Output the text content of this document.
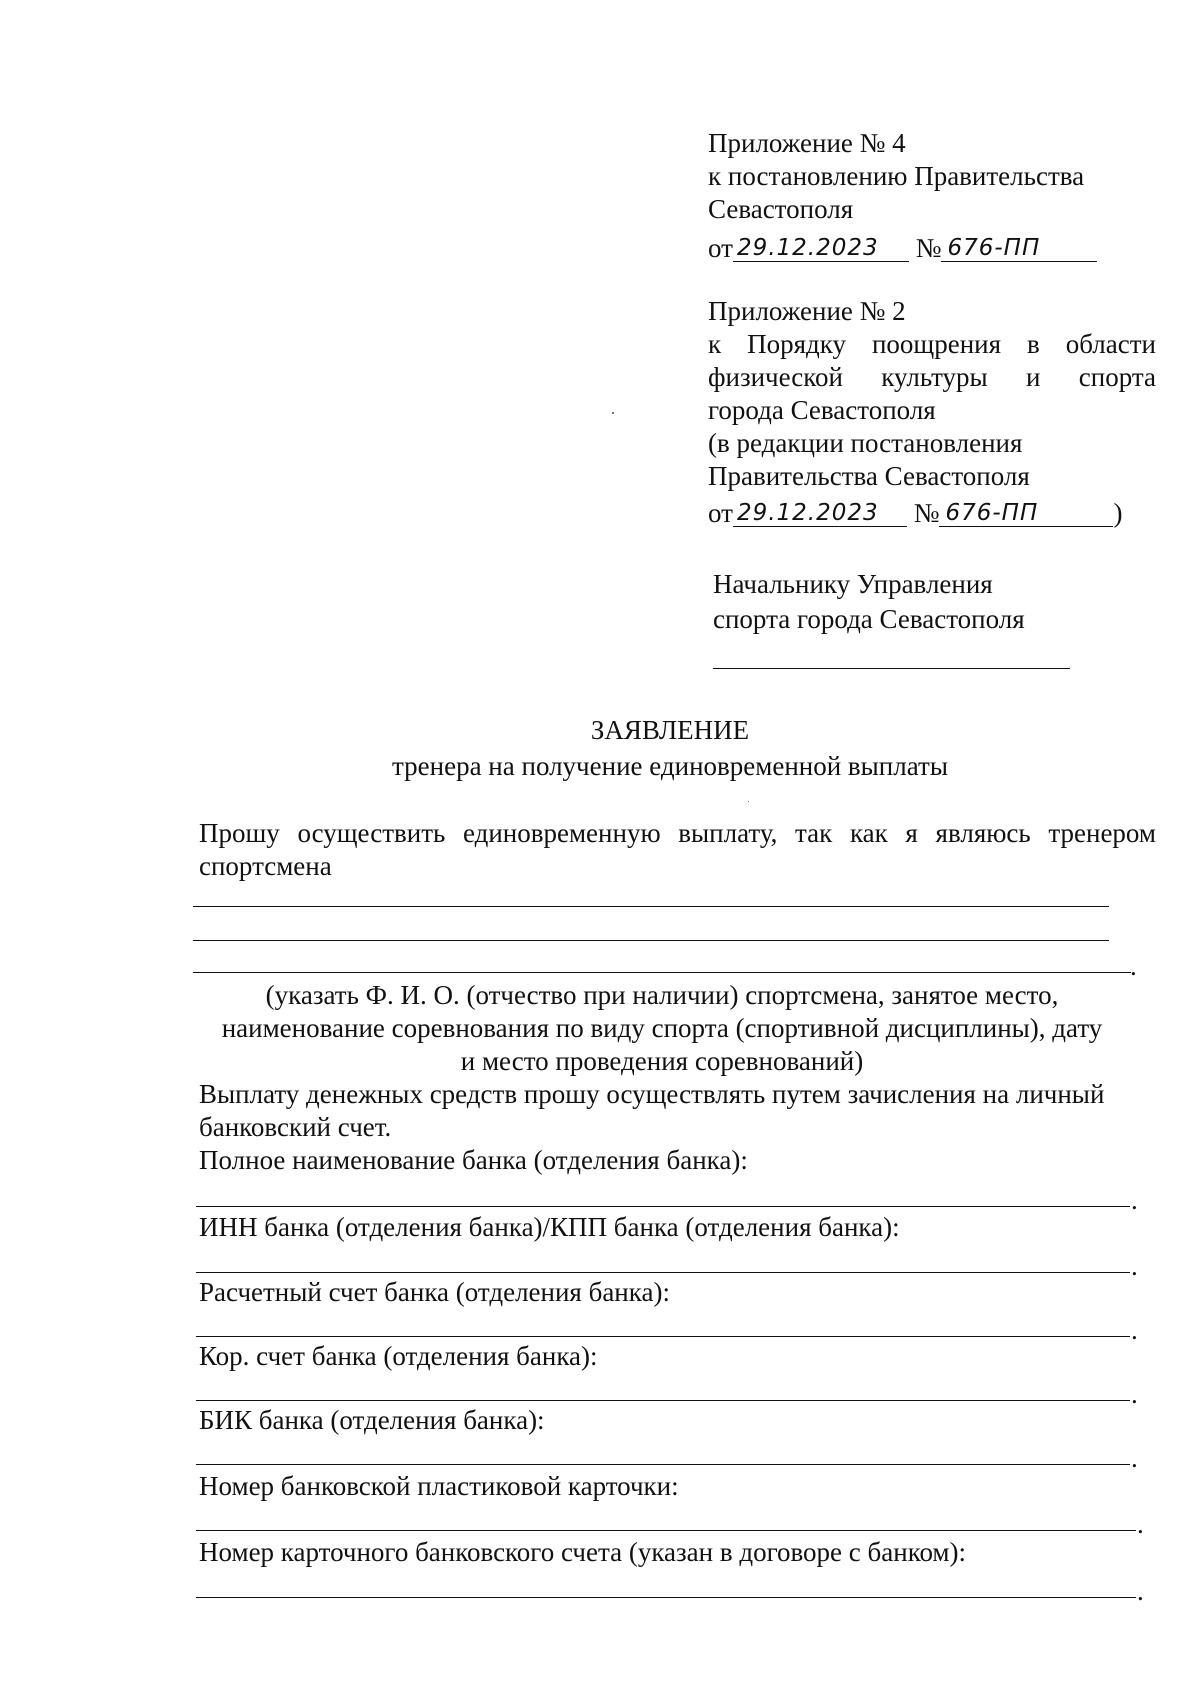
Приложение № 4
к постановлению Правительства
Севастополя
от 29.12.2023 № 676-ПП
Приложение № 2
к Порядку поощрения в области
физической культуры и спорта
города Севастополя
(в редакции постановления
Правительства Севастополя
от 29.12.2023 № 676-ПП	)
Начальнику Управления
спорта города Севастополя
ЗАЯВЛЕНИЕ
тренера на получение единовременной выплаты
Прошу осуществить единовременную выплату, так как я являюсь тренером
спортсмена
.
(указать Ф. И. О. (отчество при наличии) спортсмена, занятое место,
наименование соревнования по виду спорта (спортивной дисциплины), дату
и место проведения соревнований)
Выплату денежных средств прошу осуществлять путем зачисления на личный
банковский счет.
Полное наименование банка (отделения банка):
.
ИНН банка (отделения банка)/КПП банка (отделения банка):
.
Расчетный счет банка (отделения банка):
.
Кор. счет банка (отделения банка):
.
БИК банка (отделения банка):
.
Номер банковской пластиковой карточки:
.
Номер карточного банковского счета (указан в договоре с банком):
.
